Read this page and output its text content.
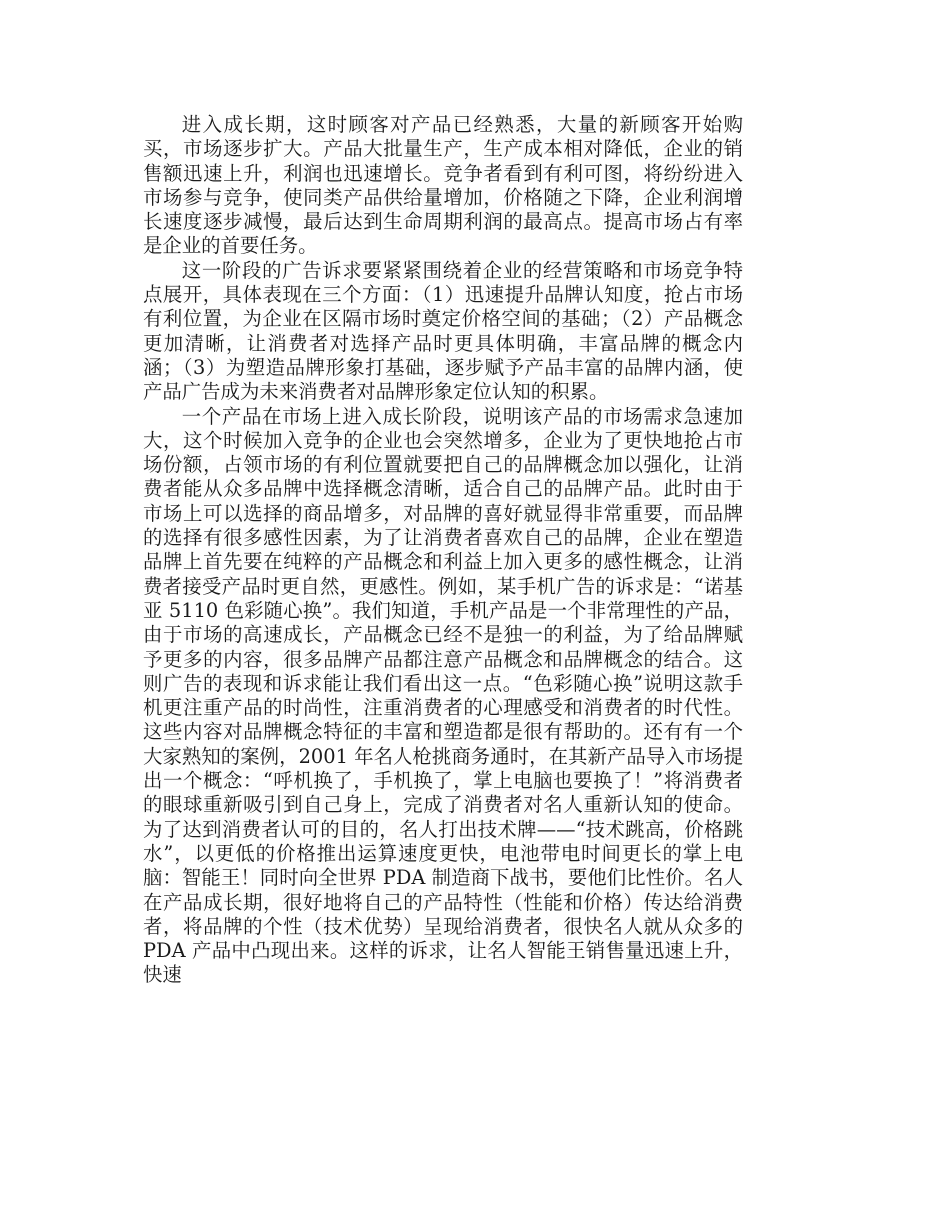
进入成长期，这时顾客对产品已经熟悉，大量的新顾客开始购买，市场逐步扩大。产品大批量生产，生产成本相对降低，企业的销售额迅速上升，利润也迅速增长。竞争者看到有利可图，将纷纷进入市场参与竞争，使同类产品供给量增加，价格随之下降，企业利润增长速度逐步减慢，最后达到生命周期利润的最高点。提高市场占有率是企业的首要任务。

这一阶段的广告诉求要紧紧围绕着企业的经营策略和市场竞争特点展开，具体表现在三个方面：（1）迅速提升品牌认知度，抢占市场有利位置，为企业在区隔市场时奠定价格空间的基础；（2）产品概念更加清晰，让消费者对选择产品时更具体明确，丰富品牌的概念内涵；（3）为塑造品牌形象打基础，逐步赋予产品丰富的品牌内涵，使产品广告成为未来消费者对品牌形象定位认知的积累。

一个产品在市场上进入成长阶段，说明该产品的市场需求急速加大，这个时候加入竞争的企业也会突然增多，企业为了更快地抢占市场份额，占领市场的有利位置就要把自己的品牌概念加以强化，让消费者能从众多品牌中选择概念清晰，适合自己的品牌产品。此时由于市场上可以选择的商品增多，对品牌的喜好就显得非常重要，而品牌的选择有很多感性因素，为了让消费者喜欢自己的品牌，企业在塑造品牌上首先要在纯粹的产品概念和利益上加入更多的感性概念，让消费者接受产品时更自然，更感性。例如，某手机广告的诉求是：“诺基亚 5110 色彩随心换”。我们知道，手机产品是一个非常理性的产品，由于市场的高速成长，产品概念已经不是独一的利益，为了给品牌赋予更多的内容，很多品牌产品都注意产品概念和品牌概念的结合。这则广告的表现和诉求能让我们看出这一点。“色彩随心换”说明这款手机更注重产品的时尚性，注重消费者的心理感受和消费者的时代性。这些内容对品牌概念特征的丰富和塑造都是很有帮助的。还有有一个大家熟知的案例，2001 年名人枪挑商务通时，在其新产品导入市场提出一个概念：“呼机换了，手机换了，掌上电脑也要换了！”将消费者的眼球重新吸引到自己身上，完成了消费者对名人重新认知的使命。为了达到消费者认可的目的，名人打出技术牌——“技术跳高，价格跳水”，以更低的价格推出运算速度更快，电池带电时间更长的掌上电脑：智能王！同时向全世界 PDA 制造商下战书，要他们比性价。名人在产品成长期，很好地将自己的产品特性（性能和价格）传达给消费者，将品牌的个性（技术优势）呈现给消费者，很快名人就从众多的 PDA 产品中凸现出来。这样的诉求，让名人智能王销售量迅速上升，快速
